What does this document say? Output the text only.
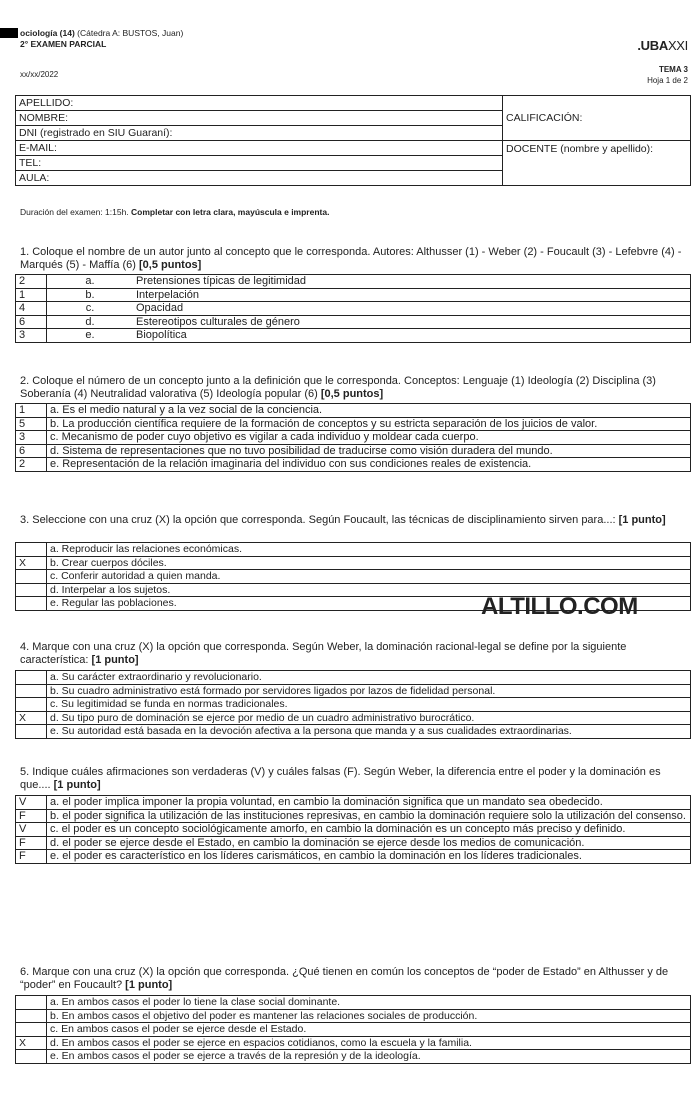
ociología (14) (Cátedra A: BUSTOS, Juan)
2° EXAMEN PARCIAL	.UBAXXI
xx/xx/2022
TEMA 3
Hoja 1 de 2
APELLIDO:	CALIFICACIÓN:
NOMBRE:	
DNI (registrado en SIU Guaraní):	
E-MAIL:	DOCENTE (nombre y apellido):
TEL:	
AULA:	
Duración del examen: 1:15h. Completar con letra clara, mayúscula e imprenta.
1. Coloque el nombre de un autor junto al concepto que le corresponda. Autores: Althusser (1) - Weber (2) - Foucault (3) - Lefebvre (4) - Marqués (5) - Maffía (6) [0,5 puntos]
2	a.	Pretensiones típicas de legitimidad
1	b.	Interpelación
4	c.	Opacidad
6	d.	Estereotipos culturales de género
3	e.	Biopolítica
2. Coloque el número de un concepto junto a la definición que le corresponda. Conceptos: Lenguaje (1) Ideología (2) Disciplina (3) Soberanía (4) Neutralidad valorativa (5) Ideología popular (6) [0,5 puntos]
1	a. Es el medio natural y a la vez social de la conciencia.
5	b. La producción científica requiere de la formación de conceptos y su estricta separación de los juicios de valor.
3	c. Mecanismo de poder cuyo objetivo es vigilar a cada individuo y moldear cada cuerpo.
6	d. Sistema de representaciones que no tuvo posibilidad de traducirse como visión duradera del mundo.
2	e. Representación de la relación imaginaria del individuo con sus condiciones reales de existencia.
3. Seleccione con una cruz (X) la opción que corresponda. Según Foucault, las técnicas de disciplinamiento sirven para...: [1 punto]
	a. Reproducir las relaciones económicas.
X	b. Crear cuerpos dóciles.
	c. Conferir autoridad a quien manda.
	d. Interpelar a los sujetos.
	e. Regular las poblaciones.	ALTILLO.COM
4. Marque con una cruz (X) la opción que corresponda. Según Weber, la dominación racional-legal se define por la siguiente característica: [1 punto]
	a. Su carácter extraordinario y revolucionario.
	b. Su cuadro administrativo está formado por servidores ligados por lazos de fidelidad personal.
	c. Su legitimidad se funda en normas tradicionales.
X	d. Su tipo puro de dominación se ejerce por medio de un cuadro administrativo burocrático.
	e. Su autoridad está basada en la devoción afectiva a la persona que manda y a sus cualidades extraordinarias.
5. Indique cuáles afirmaciones son verdaderas (V) y cuáles falsas (F). Según Weber, la diferencia entre el poder y la dominación es que.... [1 punto]
V	a. el poder implica imponer la propia voluntad, en cambio la dominación significa que un mandato sea obedecido.
F	b. el poder significa la utilización de las instituciones represivas, en cambio la dominación requiere solo la utilización del consenso.
V	c. el poder es un concepto sociológicamente amorfo, en cambio la dominación es un concepto más preciso y definido.
F	d. el poder se ejerce desde el Estado, en cambio la dominación se ejerce desde los medios de comunicación.
F	e. el poder es característico en los líderes carismáticos, en cambio la dominación en los líderes tradicionales.
6. Marque con una cruz (X) la opción que corresponda. ¿Qué tienen en común los conceptos de “poder de Estado” en Althusser y de “poder” en Foucault? [1 punto]
	a. En ambos casos el poder lo tiene la clase social dominante.
	b. En ambos casos el objetivo del poder es mantener las relaciones sociales de producción.
	c. En ambos casos el poder se ejerce desde el Estado.
X	d. En ambos casos el poder se ejerce en espacios cotidianos, como la escuela y la familia.
	e. En ambos casos el poder se ejerce a través de la represión y de la ideología.
